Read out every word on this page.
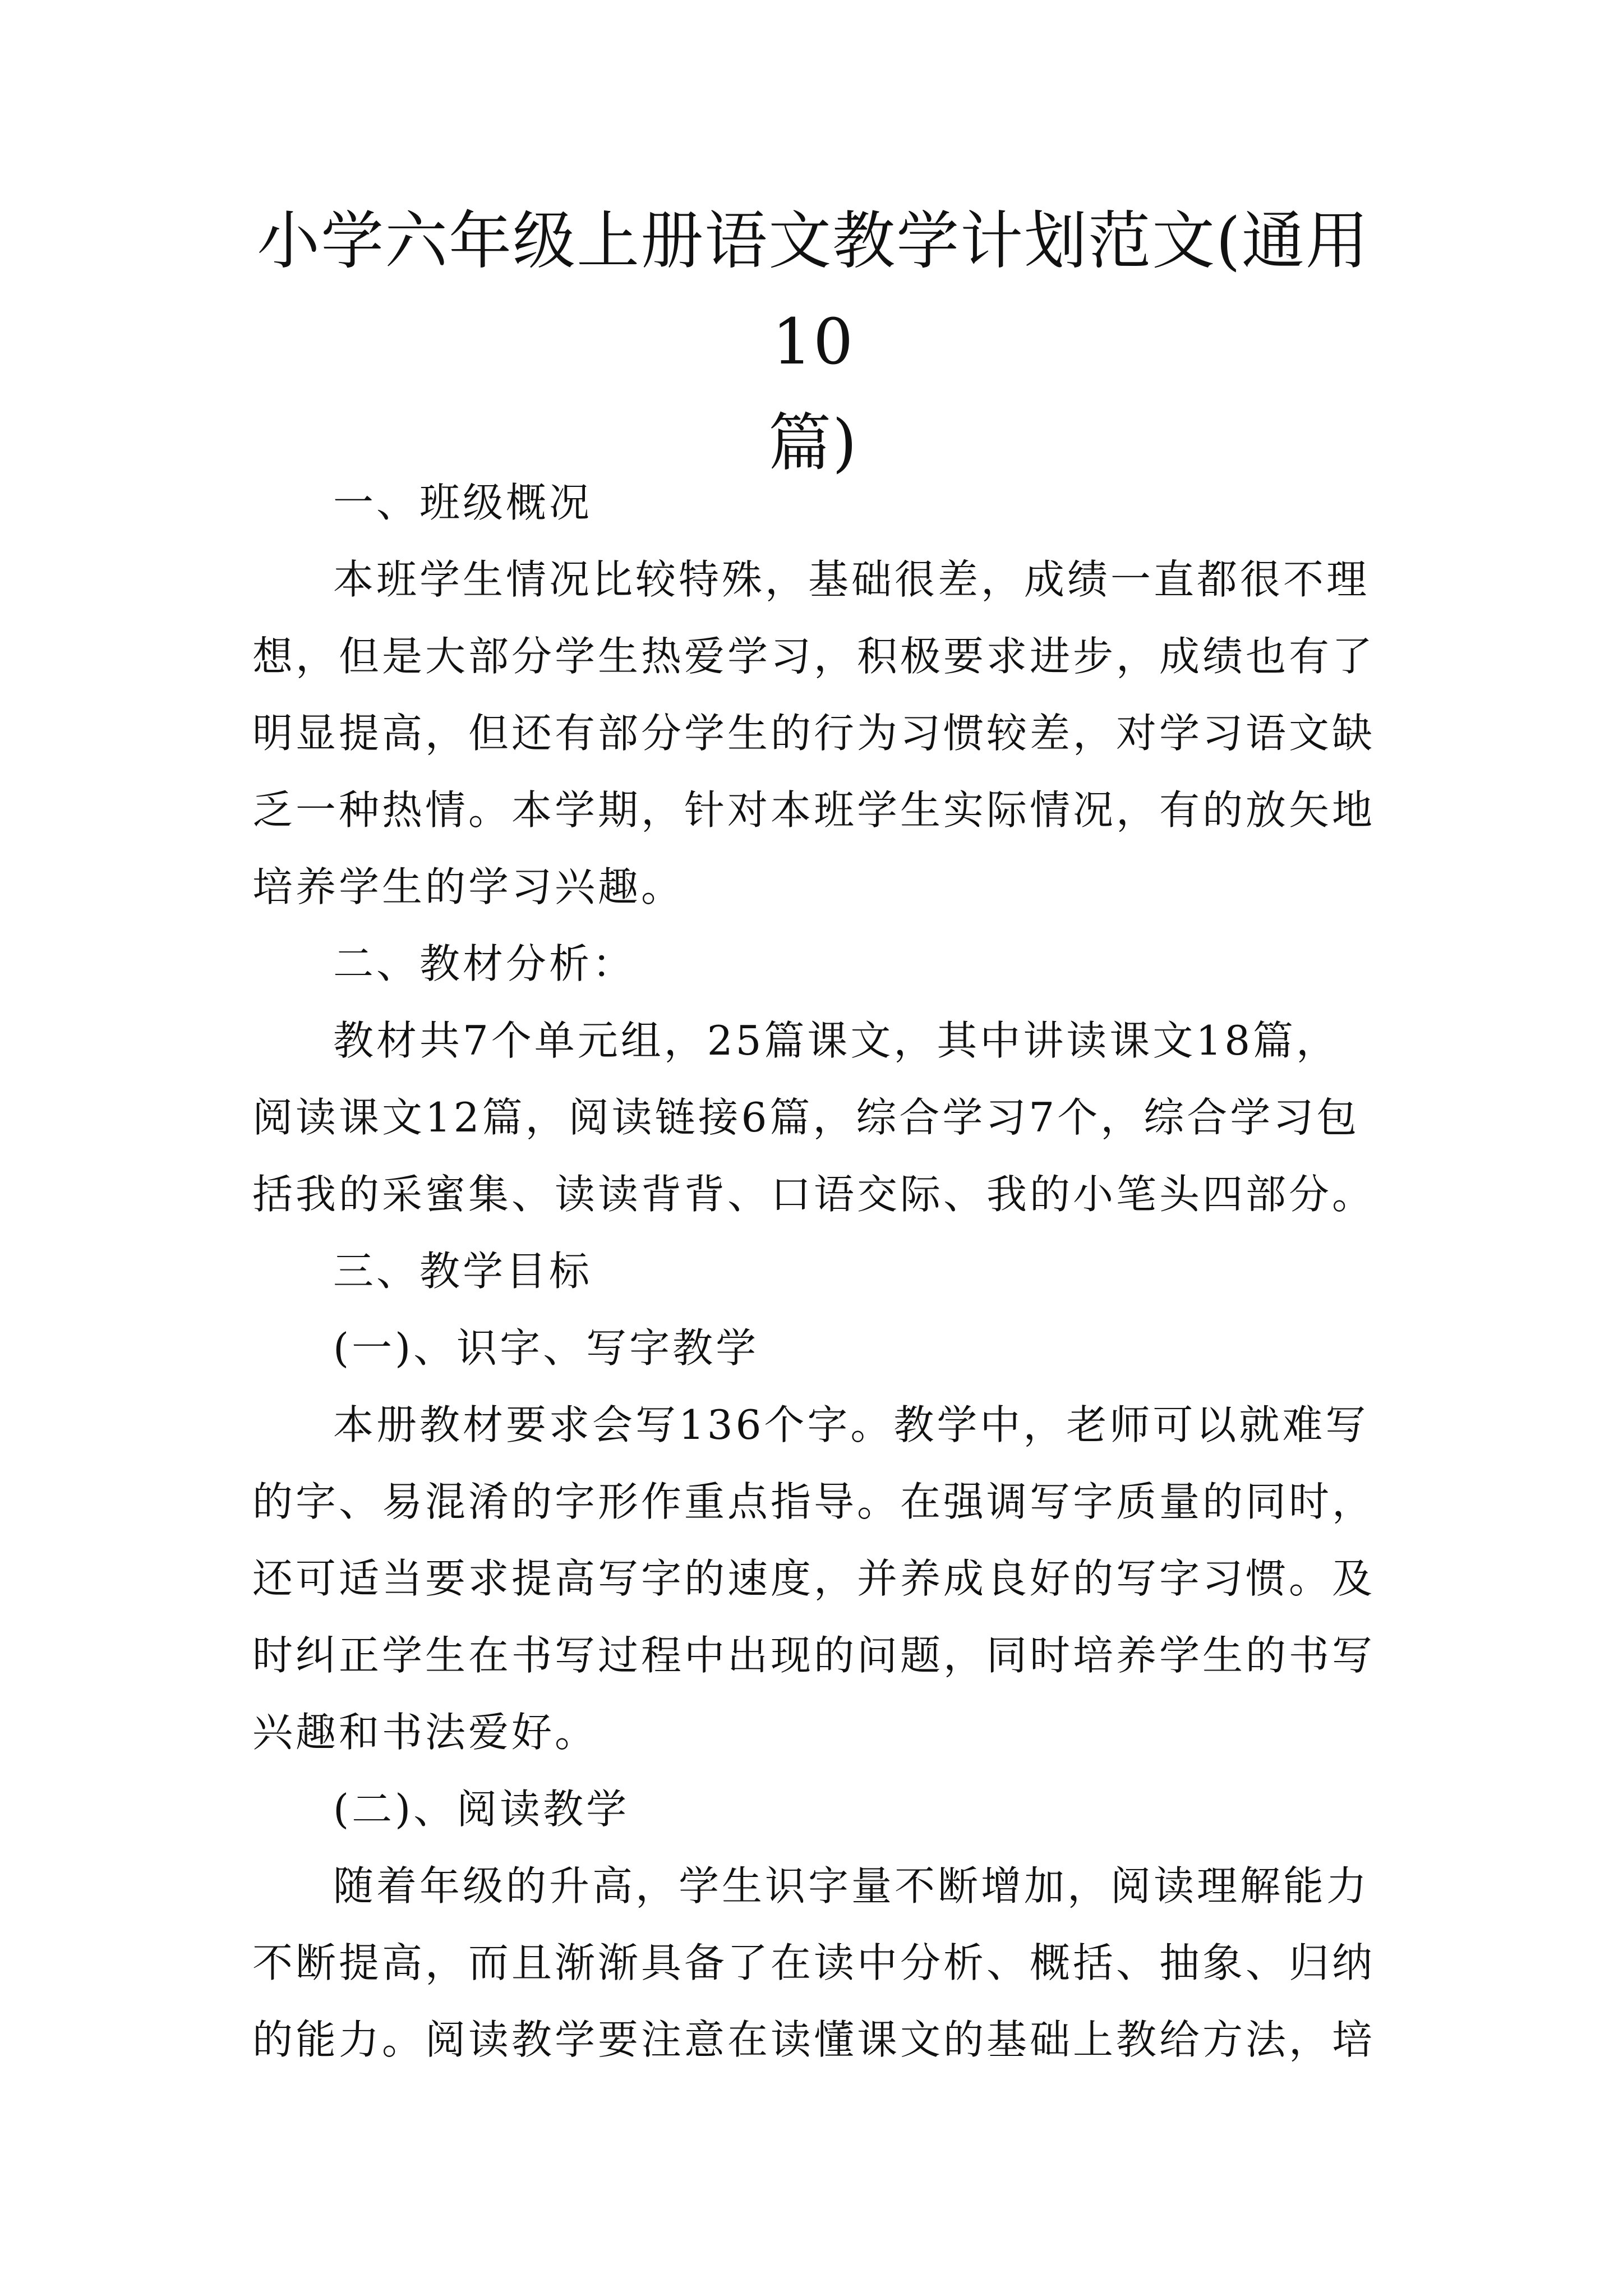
小学六年级上册语文教学计划范文(通用10
篇)

一、班级概况

本班学生情况比较特殊，基础很差，成绩一直都很不理想，但是大部分学生热爱学习，积极要求进步，成绩也有了明显提高，但还有部分学生的行为习惯较差，对学习语文缺乏一种热情。本学期，针对本班学生实际情况，有的放矢地培养学生的学习兴趣。

二、教材分析：

教材共7个单元组，25篇课文，其中讲读课文18篇，阅读课文12篇，阅读链接6篇，综合学习7个，综合学习包括我的采蜜集、读读背背、口语交际、我的小笔头四部分。

三、教学目标

(一)、识字、写字教学

本册教材要求会写136个字。教学中，老师可以就难写的字、易混淆的字形作重点指导。在强调写字质量的同时，还可适当要求提高写字的速度，并养成良好的写字习惯。及时纠正学生在书写过程中出现的问题，同时培养学生的书写兴趣和书法爱好。

(二)、阅读教学

随着年级的升高，学生识字量不断增加，阅读理解能力不断提高，而且渐渐具备了在读中分析、概括、抽象、归纳的能力。阅读教学要注意在读懂课文的基础上教给方法，培
